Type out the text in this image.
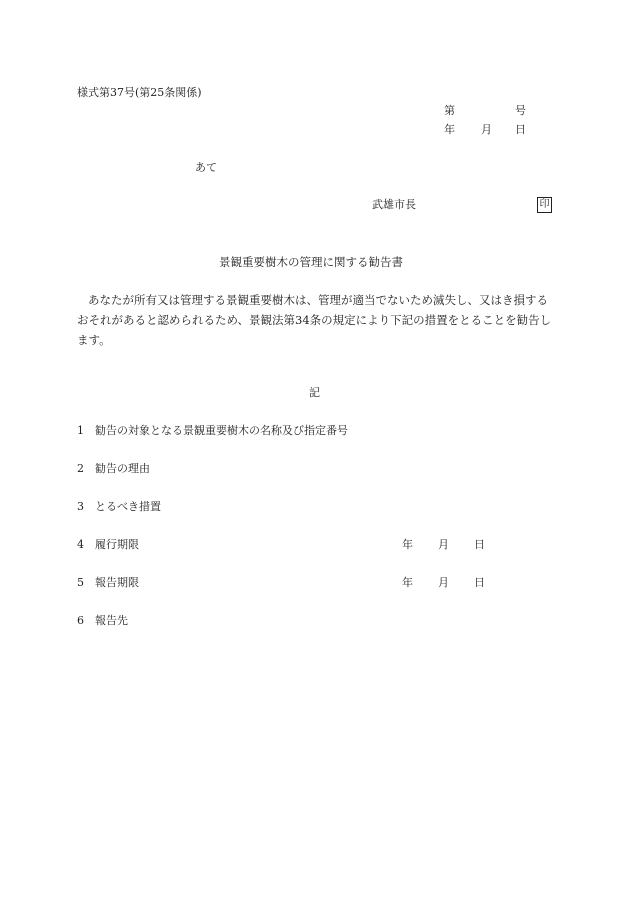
様式第37号(第25条関係)
第	号
年 月 日
あて
武雄市長	印
景観重要樹木の管理に関する勧告書
あなたが所有又は管理する景観重要樹木は、管理が適当でないため滅失し、又はき損するおそれがあると認められるため、景観法第34条の規定により下記の措置をとることを勧告します。
記
1 勧告の対象となる景観重要樹木の名称及び指定番号
2 勧告の理由
3 とるべき措置
4 履行期限	年 月 日
5 報告期限	年 月 日
6 報告先
